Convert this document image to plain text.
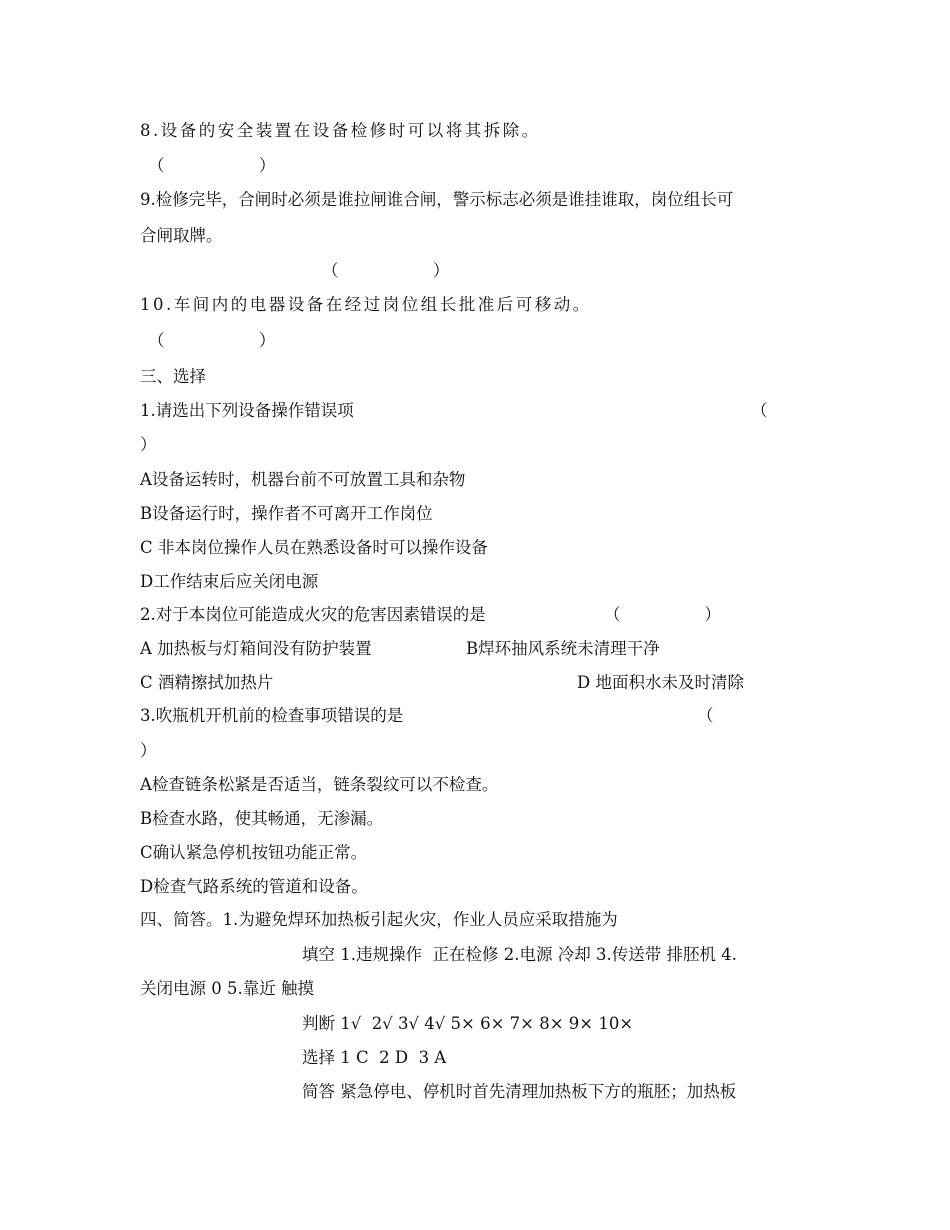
8.设备的安全装置在设备检修时可以将其拆除。
（                  ）
9.检修完毕，合闸时必须是谁拉闸谁合闸，警示标志必须是谁挂谁取，岗位组长可
合闸取牌。
（                  ）
10.车间内的电器设备在经过岗位组长批准后可移动。
（                  ）
三、选择
1.请选出下列设备操作错误项	（
）
A设备运转时，机器台前不可放置工具和杂物
B设备运行时，操作者不可离开工作岗位
C 非本岗位操作人员在熟悉设备时可以操作设备
D工作结束后应关闭电源
2.对于本岗位可能造成火灾的危害因素错误的是	（                ）
A 加热板与灯箱间没有防护装置	B焊环抽风系统未清理干净
C 酒精擦拭加热片	D 地面积水未及时清除
3.吹瓶机开机前的检查事项错误的是	（
）
A检查链条松紧是否适当，链条裂纹可以不检查。
B检查水路，使其畅通，无渗漏。
C确认紧急停机按钮功能正常。
D检查气路系统的管道和设备。
四、简答。1.为避免焊环加热板引起火灾，作业人员应采取措施为
填空 1.违规操作  正在检修 2.电源 冷却 3.传送带 排胚机 4.
关闭电源 0 5.靠近 触摸
判断 1√  2√ 3√ 4√ 5× 6× 7× 8× 9× 10×
选择 1 C  2 D  3 A
简答 紧急停电、停机时首先清理加热板下方的瓶胚；加热板
